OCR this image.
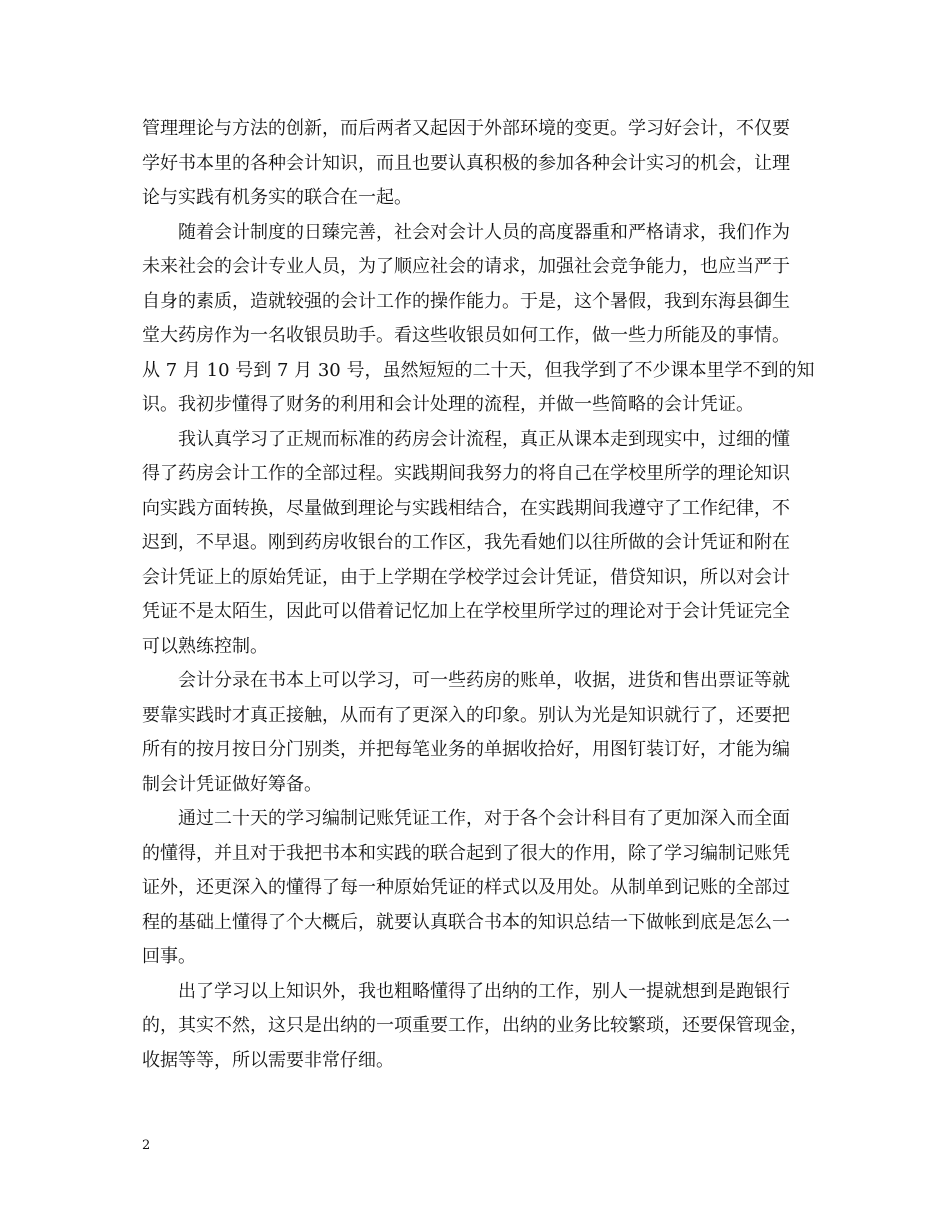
管理理论与方法的创新，而后两者又起因于外部环境的变更。学习好会计，不仅要
学好书本里的各种会计知识，而且也要认真积极的参加各种会计实习的机会，让理
论与实践有机务实的联合在一起。
随着会计制度的日臻完善，社会对会计人员的高度器重和严格请求，我们作为
未来社会的会计专业人员，为了顺应社会的请求，加强社会竞争能力，也应当严于
自身的素质，造就较强的会计工作的操作能力。于是，这个暑假，我到东海县御生
堂大药房作为一名收银员助手。看这些收银员如何工作，做一些力所能及的事情。
从 7 月 10 号到 7 月 30 号，虽然短短的二十天，但我学到了不少课本里学不到的知
识。我初步懂得了财务的利用和会计处理的流程，并做一些简略的会计凭证。
我认真学习了正规而标准的药房会计流程，真正从课本走到现实中，过细的懂
得了药房会计工作的全部过程。实践期间我努力的将自己在学校里所学的理论知识
向实践方面转换，尽量做到理论与实践相结合，在实践期间我遵守了工作纪律，不
迟到，不早退。刚到药房收银台的工作区，我先看她们以往所做的会计凭证和附在
会计凭证上的原始凭证，由于上学期在学校学过会计凭证，借贷知识，所以对会计
凭证不是太陌生，因此可以借着记忆加上在学校里所学过的理论对于会计凭证完全
可以熟练控制。
会计分录在书本上可以学习，可一些药房的账单，收据，进货和售出票证等就
要靠实践时才真正接触，从而有了更深入的印象。别认为光是知识就行了，还要把
所有的按月按日分门别类，并把每笔业务的单据收拾好，用图钉装订好，才能为编
制会计凭证做好筹备。
通过二十天的学习编制记账凭证工作，对于各个会计科目有了更加深入而全面
的懂得，并且对于我把书本和实践的联合起到了很大的作用，除了学习编制记账凭
证外，还更深入的懂得了每一种原始凭证的样式以及用处。从制单到记账的全部过
程的基础上懂得了个大概后，就要认真联合书本的知识总结一下做帐到底是怎么一
回事。
出了学习以上知识外，我也粗略懂得了出纳的工作，别人一提就想到是跑银行
的，其实不然，这只是出纳的一项重要工作，出纳的业务比较繁琐，还要保管现金，
收据等等，所以需要非常仔细。
2
